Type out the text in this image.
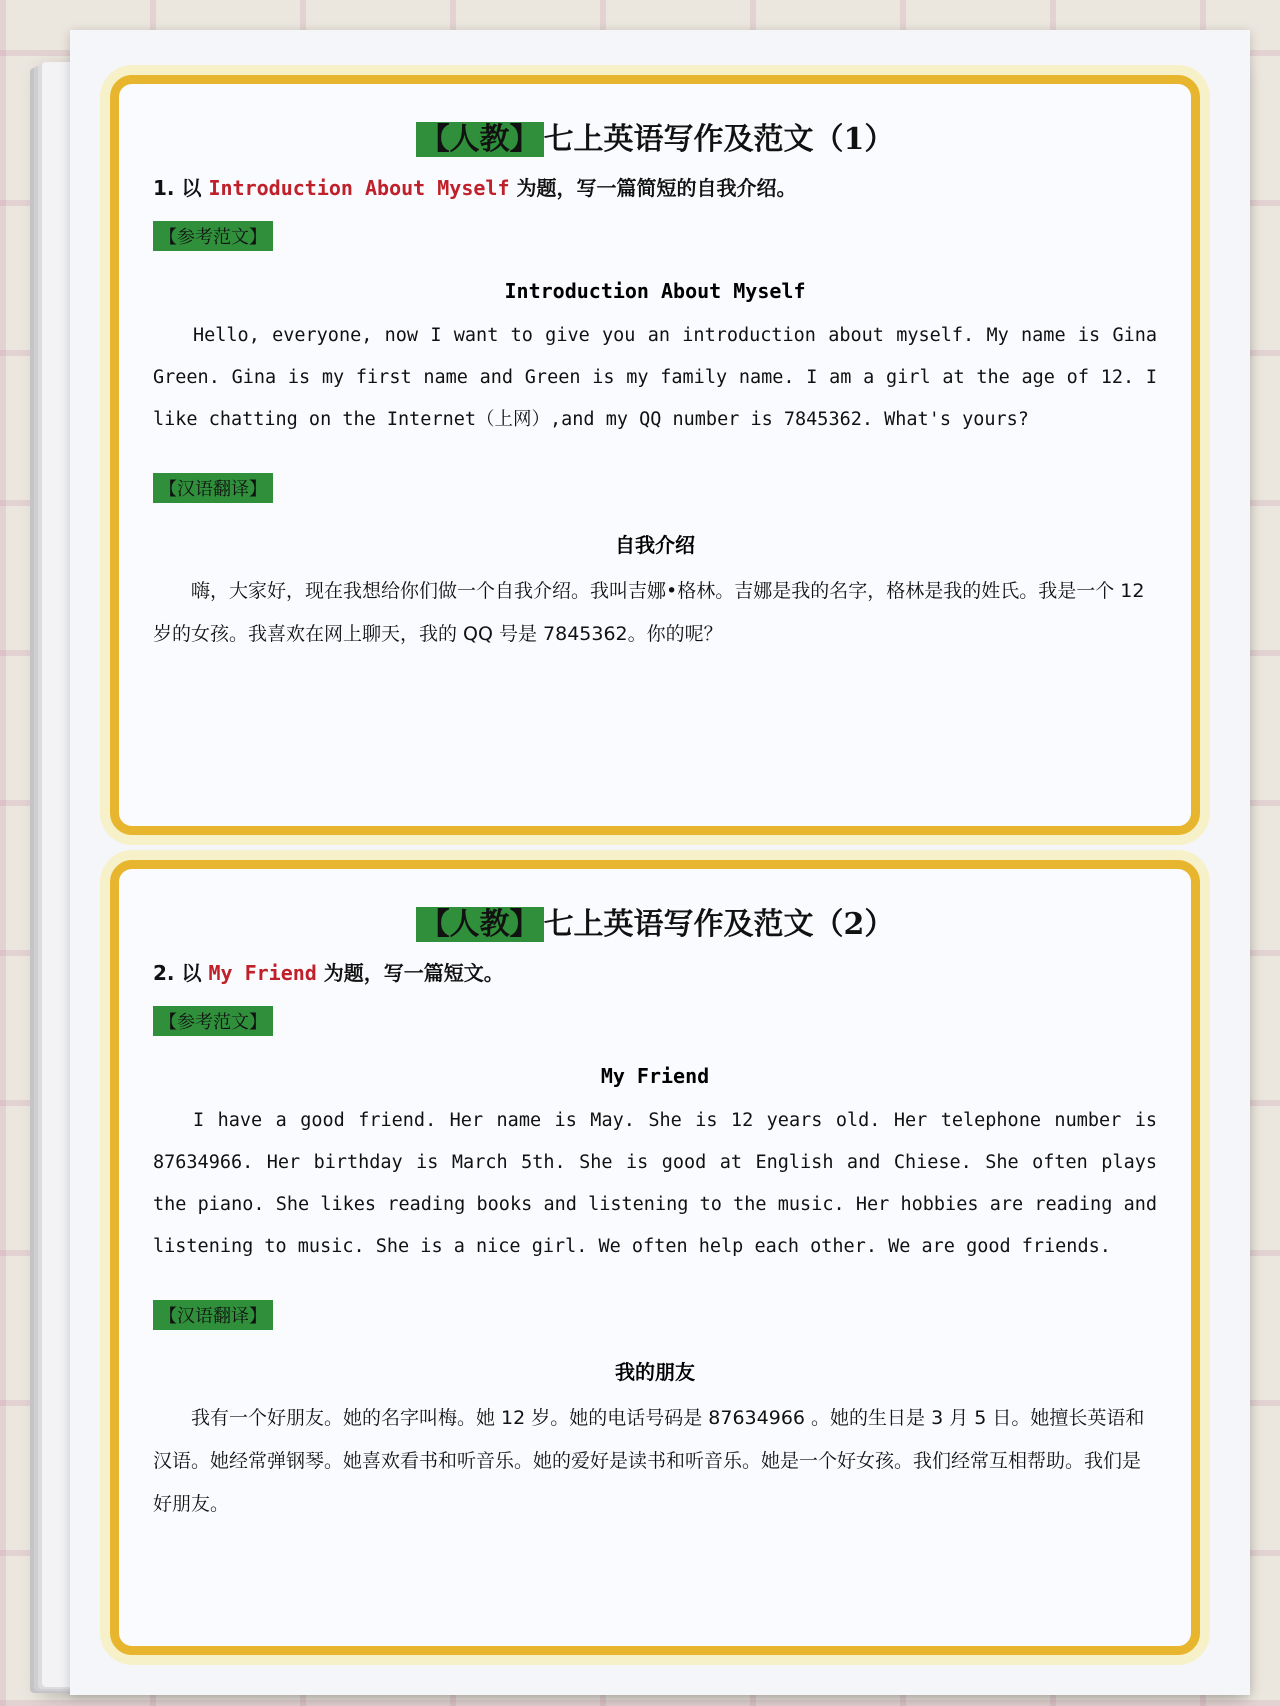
【人教】 七上英语写作及范文（1）
1. 以 Introduction About Myself 为题，写一篇简短的自我介绍。
【参考范文】
Introduction About Myself

Hello, everyone, now I want to give you an introduction about myself. My name is Gina Green. Gina is my first name and Green is my family name. I am a girl at the age of 12. I like chatting on the Internet（上网）,and my QQ number is 7845362. What's yours?

【汉语翻译】
自我介绍

嗨，大家好，现在我想给你们做一个自我介绍。我叫吉娜•格林。吉娜是我的名字，格林是我的姓氏。我是一个 12 岁的女孩。我喜欢在网上聊天，我的 QQ 号是 7845362。你的呢？

【人教】 七上英语写作及范文（2）
2. 以 My Friend 为题，写一篇短文。
【参考范文】
My Friend

I have a good friend. Her name is May. She is 12 years old. Her telephone number is 87634966. Her birthday is March 5th. She is good at English and Chiese. She often plays the piano. She likes reading books and listening to the music. Her hobbies are reading and listening to music. She is a nice girl. We often help each other. We are good friends.

【汉语翻译】
我的朋友

我有一个好朋友。她的名字叫梅。她 12 岁。她的电话号码是 87634966 。她的生日是 3 月 5 日。她擅长英语和汉语。她经常弹钢琴。她喜欢看书和听音乐。她的爱好是读书和听音乐。她是一个好女孩。我们经常互相帮助。我们是好朋友。
